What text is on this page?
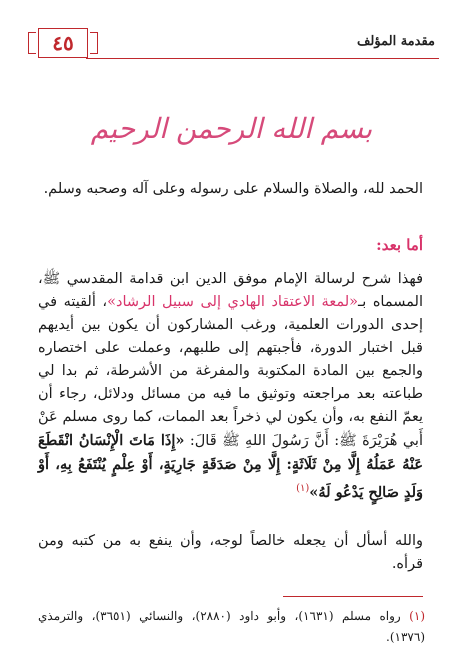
مقدمة المؤلف
٤٥
بسم الله الرحمن الرحيم
الحمد لله، والصلاة والسلام على رسوله وعلى آله وصحبه وسلم.
أما بعد:
فهذا شرح لرسالة الإمام موفق الدين ابن قدامة المقدسي ﷺ، المسماه بـ«لمعة الاعتقاد الهادي إلى سبيل الرشاد»، ألقيته في إحدى الدورات العلمية، ورغب المشاركون أن يكون بين أيديهم قبل اختبار الدورة، فأجبتهم إلى طلبهم، وعملت على اختصاره والجمع بين المادة المكتوبة والمفرغة من الأشرطة، ثم بدا لي طباعته بعد مراجعته وتوثيق ما فيه من مسائل ودلائل، رجاء أن يعمّ النفع به، وأن يكون لي ذخراً بعد الممات، كما روى مسلم عَنْ أَبي هُرَيْرَةَ ﷺ: أَنَّ رَسُولَ اللهِ ﷺ قَالَ: «إِذَا مَاتَ الْإِنْسَانُ انْقَطَعَ عَنْهُ عَمَلُهُ إِلَّا مِنْ ثَلَاثَةٍ: إِلَّا مِنْ صَدَقَةٍ جَارِيَةٍ، أَوْ عِلْمٍ يُنْتَفَعُ بِهِ، أَوْ وَلَدٍ صَالِحٍ يَدْعُو لَهُ»$^{(١)}$
والله أسأل أن يجعله خالصاً لوجه، وأن ينفع به من كتبه ومن قرأه.
(١) رواه مسلم (١٦٣١)، وأبو داود (٢٨٨٠)، والنسائي (٣٦٥١)، والترمذي (١٣٧٦).
